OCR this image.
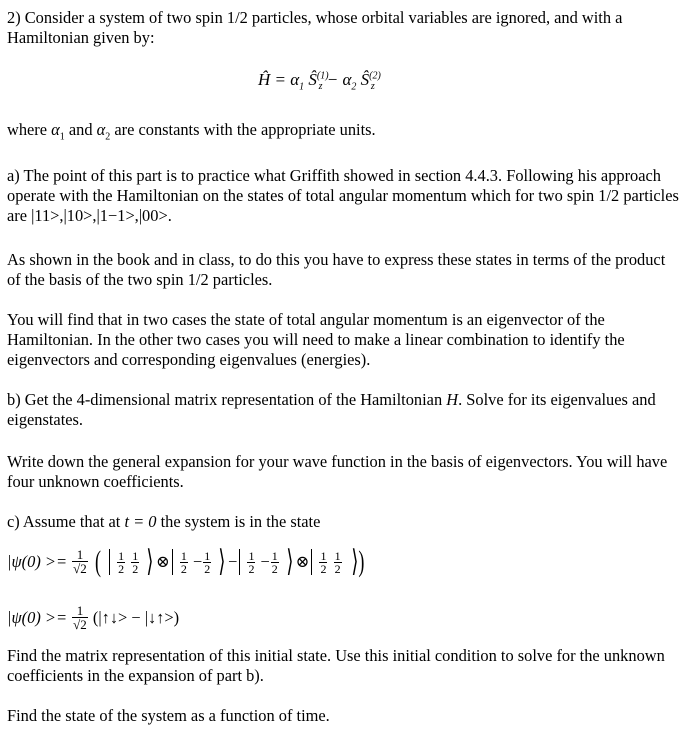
2) Consider a system of two spin 1/2 particles, whose orbital variables are ignored, and with a Hamiltonian given by:

Ĥ = $\alpha_1$ $Ŝ^{(1)}_z - \alpha_2$ $Ŝ^{(2)}_z$

where $\alpha_1$ and $\alpha_2$ are constants with the appropriate units.

a) The point of this part is to practice what Griffith showed in section 4.4.3. Following his approach operate with the Hamiltonian on the states of total angular momentum which for two spin 1/2 particles are |11>,|10>,|1−1>,|00>.

As shown in the book and in class, to do this you have to express these states in terms of the product of the basis of the two spin 1/2 particles.

You will find that in two cases the state of total angular momentum is an eigenvector of the Hamiltonian. In the other two cases you will need to make a linear combination to identify the eigenvectors and corresponding eigenvalues (energies).

b) Get the 4-dimensional matrix representation of the Hamiltonian H. Solve for its eigenvalues and eigenstates.

Write down the general expansion for your wave function in the basis of eigenvectors. You will have four unknown coefficients.

c) Assume that at t = 0 the system is in the state

$|\psi(0) >= \frac{1}{√2}$ ( $\frac{1}{2}$
$\frac{1}{2}$ ⟩ ⊗ $\frac{1}{2} - \frac{1}{2}$ ⟩ − $\frac{1}{2} - \frac{1}{2}$ ⟩ ⊗ $\frac{1}{2}$
$\frac{1}{2}$ ⟩)
$|\psi(0) >= \frac{1}{√2}$ (|↑↓> − |↓↑>)

Find the matrix representation of this initial state. Use this initial condition to solve for the unknown coefficients in the expansion of part b).

Find the state of the system as a function of time.
